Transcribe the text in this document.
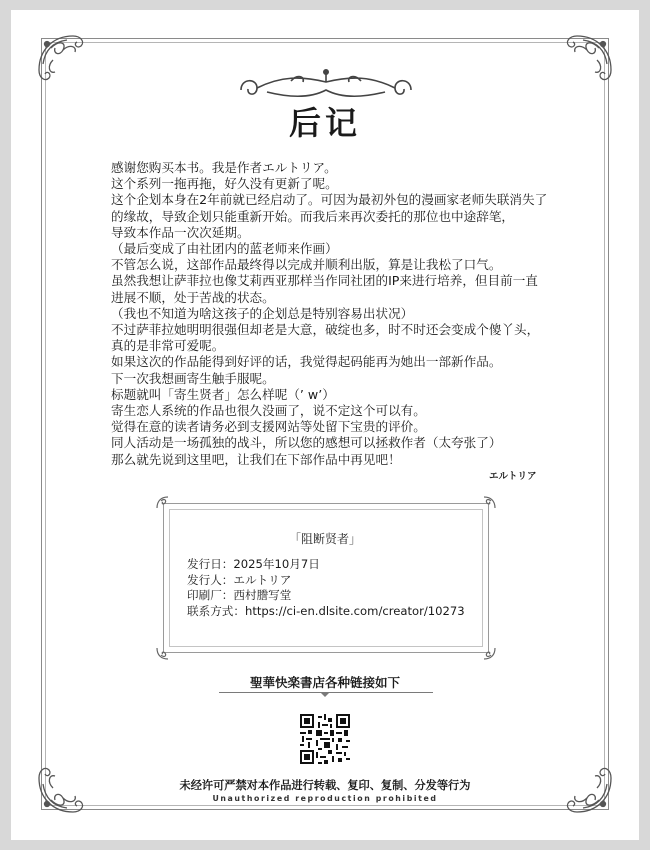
后记

感谢您购买本书。我是作者エルトリア。

这个系列一拖再拖，好久没有更新了呢。

这个企划本身在2年前就已经启动了。可因为最初外包的漫画家老师失联消失了

的缘故，导致企划只能重新开始。而我后来再次委托的那位也中途辞笔，

导致本作品一次次延期。

（最后变成了由社团内的蓝老师来作画）

不管怎么说，这部作品最终得以完成并顺利出版，算是让我松了口气。

虽然我想让萨菲拉也像艾莉西亚那样当作同社团的IP来进行培养，但目前一直

进展不顺，处于苦战的状态。

（我也不知道为啥这孩子的企划总是特别容易出状况）

不过萨菲拉她明明很强但却老是大意，破绽也多，时不时还会变成个傻丫头，

真的是非常可爱呢。

如果这次的作品能得到好评的话，我觉得起码能再为她出一部新作品。

下一次我想画寄生触手服呢。

标题就叫「寄生贤者」怎么样呢（’ w’）

寄生恋人系统的作品也很久没画了，说不定这个可以有。

觉得在意的读者请务必到支援网站等处留下宝贵的评价。

同人活动是一场孤独的战斗，所以您的感想可以拯救作者（太夸张了）

那么就先说到这里吧，让我们在下部作品中再见吧！

エルトリア
「阻断贤者」
发行日：2025年10月7日
发行人：エルトリア
印刷厂：西村謄写堂
联系方式：https://ci-en.dlsite.com/creator/10273
聖華快楽書店各种链接如下
未经许可严禁对本作品进行转载、复印、复制、分发等行为
Unauthorized reproduction prohibited
